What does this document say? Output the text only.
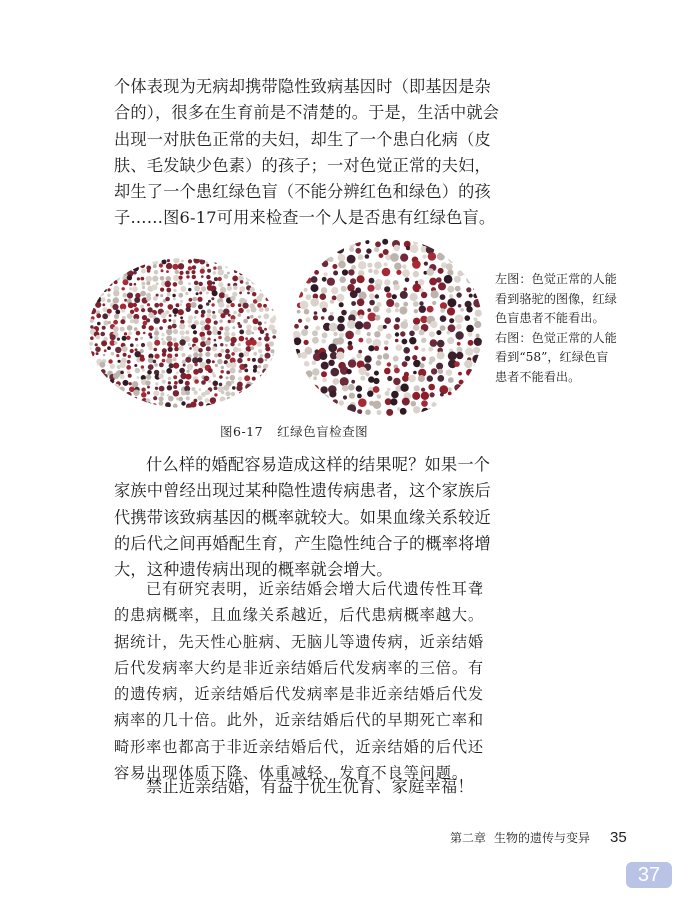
个体表现为无病却携带隐性致病基因时（即基因是杂
合的），很多在生育前是不清楚的。于是，生活中就会
出现一对肤色正常的夫妇，却生了一个患白化病（皮
肤、毛发缺少色素）的孩子；一对色觉正常的夫妇，
却生了一个患红绿色盲（不能分辨红色和绿色）的孩
子……图6-17可用来检查一个人是否患有红绿色盲。
左图：色觉正常的人能
看到骆驼的图像，红绿
色盲患者不能看出。
右图：色觉正常的人能
看到“58”，红绿色盲
患者不能看出。
图6-17 红绿色盲检查图
什么样的婚配容易造成这样的结果呢？如果一个
家族中曾经出现过某种隐性遗传病患者，这个家族后
代携带该致病基因的概率就较大。如果血缘关系较近
的后代之间再婚配生育，产生隐性纯合子的概率将增
大，这种遗传病出现的概率就会增大。
已有研究表明，近亲结婚会增大后代遗传性耳聋
的患病概率，且血缘关系越近，后代患病概率越大。
据统计，先天性心脏病、无脑儿等遗传病，近亲结婚
后代发病率大约是非近亲结婚后代发病率的三倍。有
的遗传病，近亲结婚后代发病率是非近亲结婚后代发
病率的几十倍。此外，近亲结婚后代的早期死亡率和
畸形率也都高于非近亲结婚后代，近亲结婚的后代还
容易出现体质下降、体重减轻、发育不良等问题。
禁止近亲结婚，有益于优生优育、家庭幸福！
第二章 生物的遗传与变异 35
37
